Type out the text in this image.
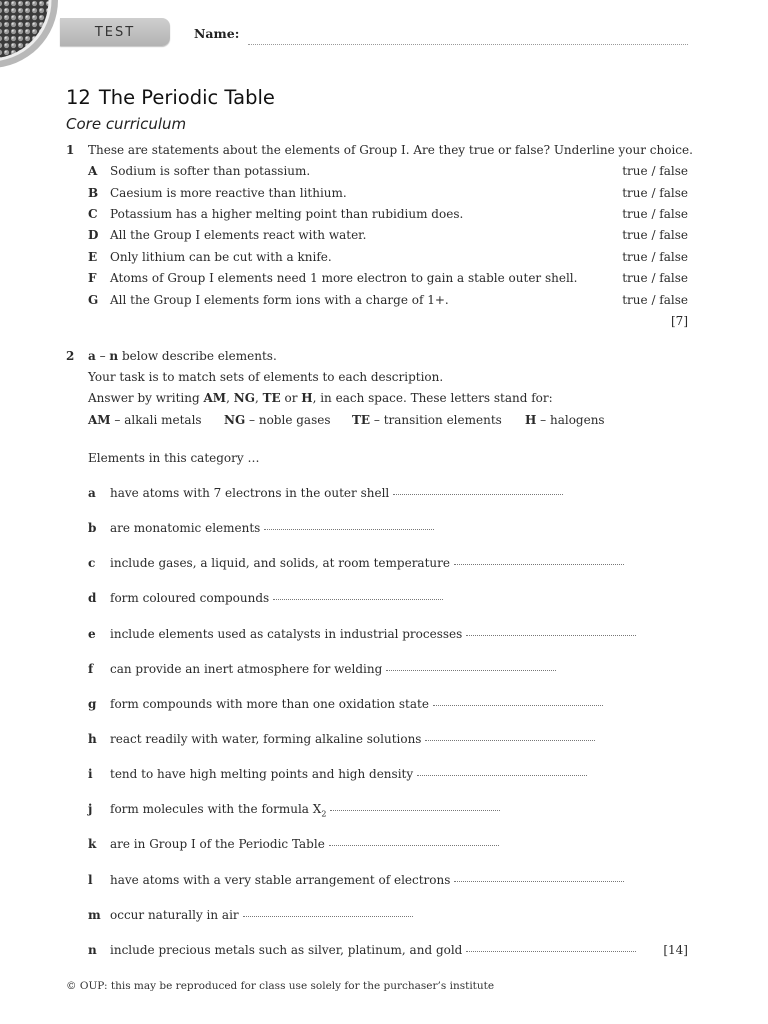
TEST	Name:
12 The Periodic Table
Core curriculum
1 These are statements about the elements of Group I. Are they true or false? Underline your choice.
A Sodium is softer than potassium.	true / false
B Caesium is more reactive than lithium.	true / false
C Potassium has a higher melting point than rubidium does.	true / false
D All the Group I elements react with water.	true / false
E Only lithium can be cut with a knife.	true / false
F Atoms of Group I elements need 1 more electron to gain a stable outer shell.	true / false
G All the Group I elements form ions with a charge of 1+.	true / false
[7]
2 a – n below describe elements.
Your task is to match sets of elements to each description.
Answer by writing AM, NG, TE or H, in each space. These letters stand for:
AM – alkali metals NG – noble gases TE – transition elements H – halogens
Elements in this category …
a have atoms with 7 electrons in the outer shell
b are monatomic elements
c include gases, a liquid, and solids, at room temperature
d form coloured compounds
e include elements used as catalysts in industrial processes
f can provide an inert atmosphere for welding
g form compounds with more than one oxidation state
h react readily with water, forming alkaline solutions
i tend to have high melting points and high density
j form molecules with the formula $X_2$
k are in Group I of the Periodic Table
l have atoms with a very stable arrangement of electrons
m occur naturally in air
n include precious metals such as silver, platinum, and gold	[14]
© OUP: this may be reproduced for class use solely for the purchaser’s institute
